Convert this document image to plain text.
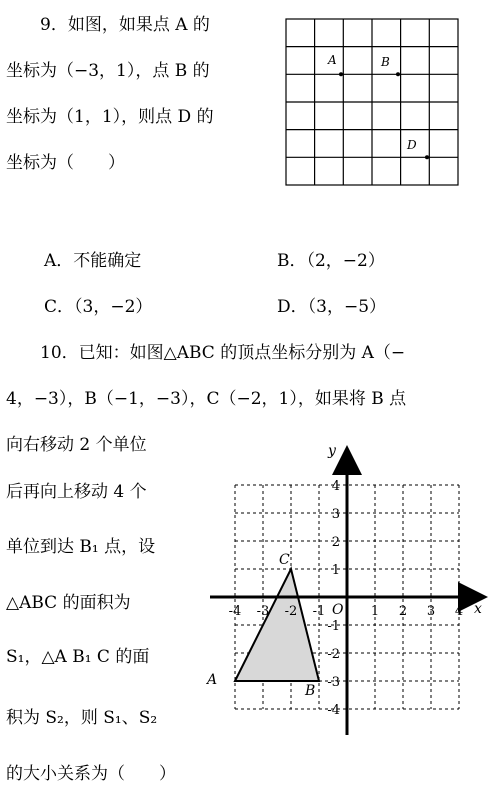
9．如图，如果点 A 的
坐标为（−3，1），点 B 的
坐标为（1，1），则点 D 的
坐标为（　　）
A	B
D
A．不能确定	B．（2，−2）
C．（3，−2）	D．（3，−5）
10．已知：如图△ABC 的顶点坐标分别为 A（−
4，−3），B（−1，−3），C（−2，1），如果将 B 点
向右移动 2 个单位
后再向上移动 4 个
单位到达 B₁ 点，设
△ABC 的面积为
S₁，△A B₁ C 的面
积为 S₂，则 S₁、S₂
的大小关系为（　　）
x
y
O
A
B
C
-4 -3 -2 -1	1 2 3 4
4
3
2
1
-1
-2
-3
-4
